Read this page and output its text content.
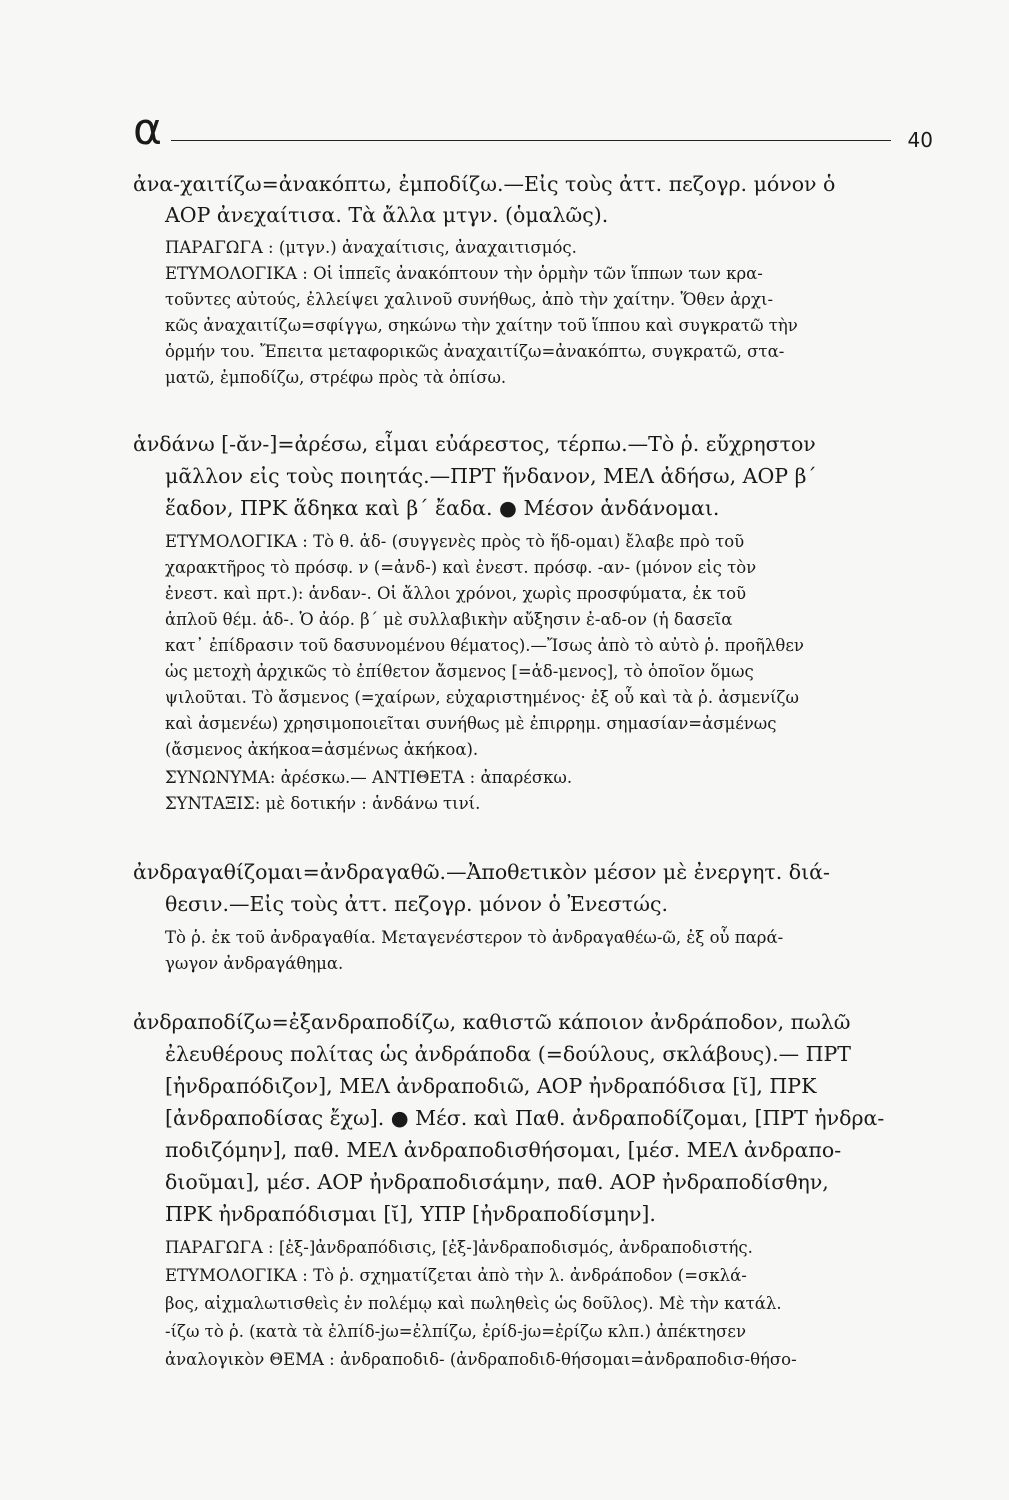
α	40
ἀνα-χαιτίζω=ἀνακόπτω, ἐμποδίζω.—Εἰς τοὺς ἀττ. πεζογρ. μόνον ὁ
ΑΟΡ ἀνεχαίτισα. Τὰ ἄλλα μτγν. (ὁμαλῶς).
ΠΑΡΑΓΩΓΑ : (μτγν.) ἀναχαίτισις, ἀναχαιτισμός.
ΕΤΥΜΟΛΟΓΙΚΑ : Οἱ ἱππεῖς ἀνακόπτουν τὴν ὁρμὴν τῶν ἵππων των κρα-
τοῦντες αὐτούς, ἐλλείψει χαλινοῦ συνήθως, ἀπὸ τὴν χαίτην. Ὅθεν ἀρχι-
κῶς ἀναχαιτίζω=σφίγγω, σηκώνω τὴν χαίτην τοῦ ἵππου καὶ συγκρατῶ τὴν
ὁρμήν του. Ἔπειτα μεταφορικῶς ἀναχαιτίζω=ἀνακόπτω, συγκρατῶ, στα-
ματῶ, ἐμποδίζω, στρέφω πρὸς τὰ ὀπίσω.
ἁνδάνω [-ᾰν-]=ἀρέσω, εἶμαι εὐάρεστος, τέρπω.—Τὸ ῥ. εὔχρηστον
μᾶλλον εἰς τοὺς ποιητάς.—ΠΡΤ ἥνδανον, ΜΕΛ ἁδήσω, ΑΟΡ β´
ἕαδον, ΠΡΚ ἅδηκα καὶ β´ ἔαδα. ● Μέσον ἁνδάνομαι.
ΕΤΥΜΟΛΟΓΙΚΑ : Τὸ θ. ἁδ- (συγγενὲς πρὸς τὸ ἥδ-ομαι) ἔλαβε πρὸ τοῦ
χαρακτῆρος τὸ πρόσφ. ν (=ἀνδ-) καὶ ἐνεστ. πρόσφ. -αν- (μόνον εἰς τὸν
ἐνεστ. καὶ πρτ.): ἁνδαν-. Οἱ ἄλλοι χρόνοι, χωρὶς προσφύματα, ἐκ τοῦ
ἁπλοῦ θέμ. ἁδ-. Ὁ ἀόρ. β´ μὲ συλλαβικὴν αὔξησιν ἐ-αδ-ον (ἡ δασεῖα
κατ᾽ ἐπίδρασιν τοῦ δασυνομένου θέματος).—Ἴσως ἀπὸ τὸ αὐτὸ ῥ. προῆλθεν
ὡς μετοχὴ ἀρχικῶς τὸ ἐπίθετον ἄσμενος [=ἁδ-μενος], τὸ ὁποῖον ὅμως
ψιλοῦται. Τὸ ἄσμενος (=χαίρων, εὐχαριστημένος· ἐξ οὗ καὶ τὰ ῥ. ἀσμενίζω
καὶ ἀσμενέω) χρησιμοποιεῖται συνήθως μὲ ἐπιρρημ. σημασίαν=ἀσμένως
(ἄσμενος ἀκήκοα=ἀσμένως ἀκήκοα).
ΣΥΝΩΝΥΜΑ: ἀρέσκω.— ΑΝΤΙΘΕΤΑ : ἀπαρέσκω.
ΣΥΝΤΑΞΙΣ: μὲ δοτικήν : ἁνδάνω τινί.
ἀνδραγαθίζομαι=ἀνδραγαθῶ.—Ἀποθετικὸν μέσον μὲ ἐνεργητ. διά-
θεσιν.—Εἰς τοὺς ἀττ. πεζογρ. μόνον ὁ Ἐνεστώς.
Τὸ ῥ. ἐκ τοῦ ἀνδραγαθία. Μεταγενέστερον τὸ ἀνδραγαθέω-ῶ, ἐξ οὗ παρά-
γωγον ἀνδραγάθημα.
ἀνδραποδίζω=ἐξανδραποδίζω, καθιστῶ κάποιον ἀνδράποδον, πωλῶ
ἐλευθέρους πολίτας ὡς ἀνδράποδα (=δούλους, σκλάβους).— ΠΡΤ
[ἠνδραπόδιζον], ΜΕΛ ἀνδραποδιῶ, ΑΟΡ ἠνδραπόδισα [ῐ], ΠΡΚ
[ἀνδραποδίσας ἔχω]. ● Μέσ. καὶ Παθ. ἀνδραποδίζομαι, [ΠΡΤ ἠνδρα-
ποδιζόμην], παθ. ΜΕΛ ἀνδραποδισθήσομαι, [μέσ. ΜΕΛ ἀνδραπο-
διοῦμαι], μέσ. ΑΟΡ ἠνδραποδισάμην, παθ. ΑΟΡ ἠνδραποδίσθην,
ΠΡΚ ἠνδραπόδισμαι [ῐ], ΥΠΡ [ἠνδραποδίσμην].
ΠΑΡΑΓΩΓΑ : [ἐξ-]ἀνδραπόδισις, [ἐξ-]ἀνδραποδισμός, ἀνδραποδιστής.
ΕΤΥΜΟΛΟΓΙΚΑ : Τὸ ῥ. σχηματίζεται ἀπὸ τὴν λ. ἀνδράποδον (=σκλά-
βος, αἰχμαλωτισθεὶς ἐν πολέμῳ καὶ πωληθεὶς ὡς δοῦλος). Μὲ τὴν κατάλ.
-ίζω τὸ ῥ. (κατὰ τὰ ἐλπίδ-jω=ἐλπίζω, ἐρίδ-jω=ἐρίζω κλπ.) ἀπέκτησεν
ἀναλογικὸν ΘΕΜΑ : ἀνδραποδιδ- (ἀνδραποδιδ-θήσομαι=ἀνδραποδισ-θήσο-
